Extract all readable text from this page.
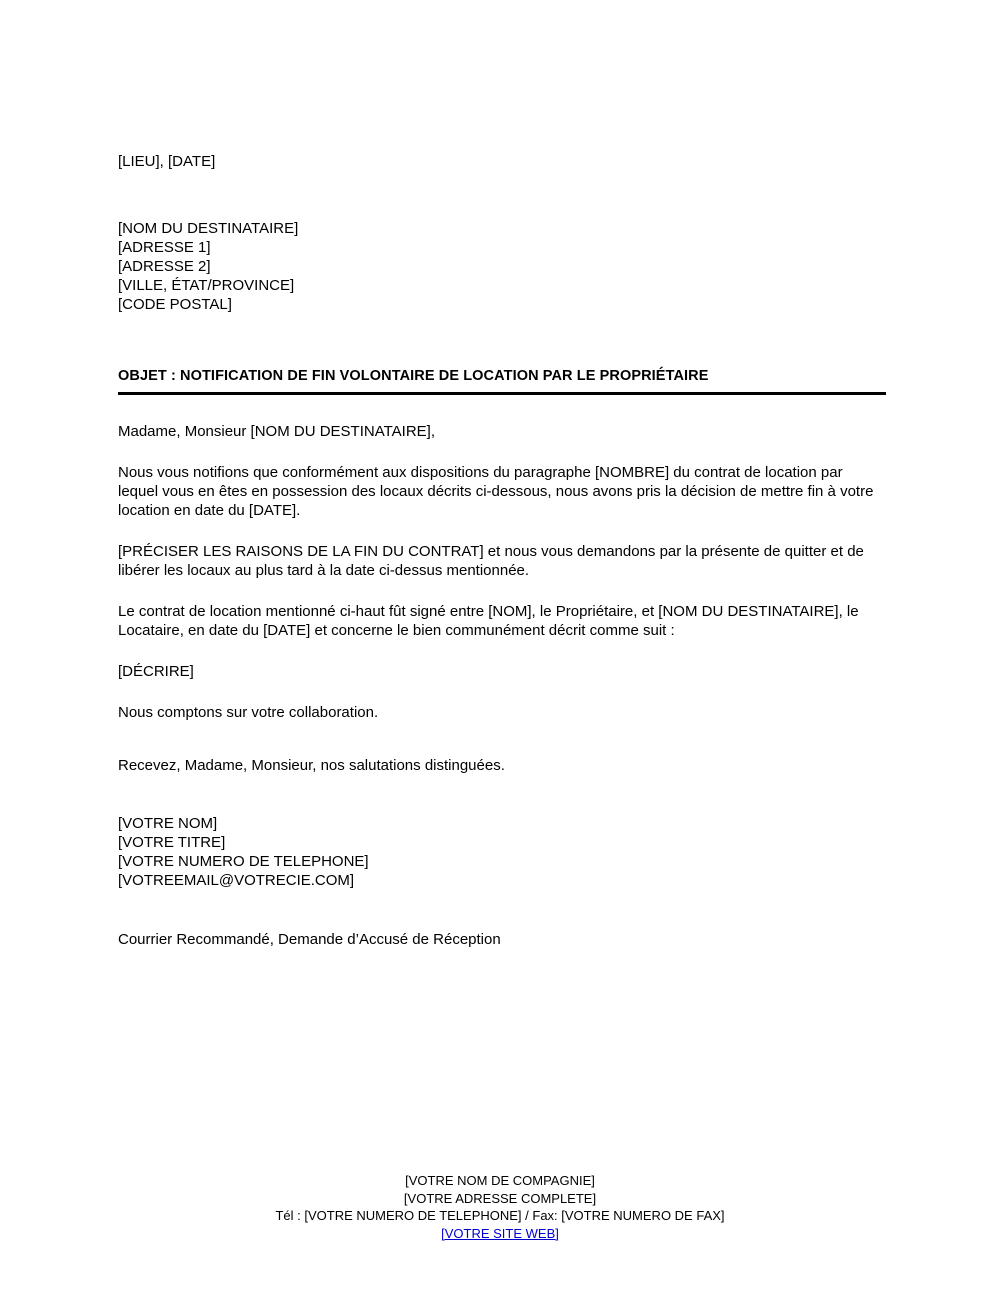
[LIEU], [DATE]
[NOM DU DESTINATAIRE]
[ADRESSE 1]
[ADRESSE 2]
[VILLE, ÉTAT/PROVINCE]
[CODE POSTAL]
OBJET : NOTIFICATION DE FIN VOLONTAIRE DE LOCATION PAR LE PROPRIÉTAIRE
Madame, Monsieur [NOM DU DESTINATAIRE],
Nous vous notifions que conformément aux dispositions du paragraphe [NOMBRE] du contrat de location par lequel vous en êtes en possession des locaux décrits ci-dessous, nous avons pris la décision de mettre fin à votre location en date du [DATE].
[PRÉCISER LES RAISONS DE LA FIN DU CONTRAT] et nous vous demandons par la présente de quitter et de libérer les locaux au plus tard à la date ci-dessus mentionnée.
Le contrat de location mentionné ci-haut fût signé entre [NOM], le Propriétaire, et [NOM DU DESTINATAIRE], le Locataire, en date du [DATE] et concerne le bien communément décrit comme suit :
[DÉCRIRE]
Nous comptons sur votre collaboration.
Recevez, Madame, Monsieur, nos salutations distinguées.
[VOTRE NOM]
[VOTRE TITRE]
[VOTRE NUMERO DE TELEPHONE]
[VOTREEMAIL@VOTRECIE.COM]
Courrier Recommandé, Demande d’Accusé de Réception
[VOTRE NOM DE COMPAGNIE]
[VOTRE ADRESSE COMPLETE]
Tél : [VOTRE NUMERO DE TELEPHONE] / Fax: [VOTRE NUMERO DE FAX]
[VOTRE SITE WEB]
